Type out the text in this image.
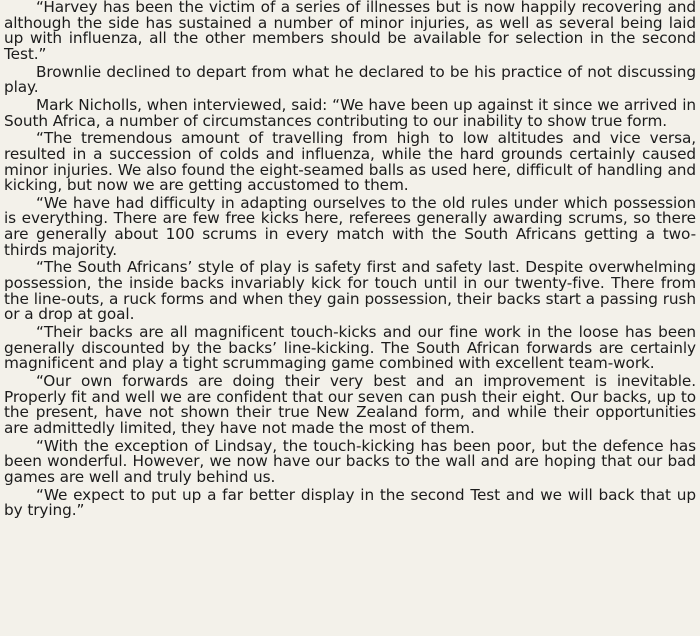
“Harvey has been the victim of a series of illnesses but is now happily recovering and although the side has sustained a number of minor injuries, as well as several being laid up with influenza, all the other members should be available for selection in the second Test.”

Brownlie declined to depart from what he declared to be his practice of not discussing play.

Mark Nicholls, when interviewed, said: “We have been up against it since we arrived in South Africa, a number of circumstances contributing to our inability to show true form.

“The tremendous amount of travelling from high to low altitudes and vice versa, resulted in a succession of colds and influenza, while the hard grounds certainly caused minor injuries. We also found the eight-seamed balls as used here, difficult of handling and kicking, but now we are getting accustomed to them.

“We have had difficulty in adapting ourselves to the old rules under which possession is everything. There are few free kicks here, referees generally awarding scrums, so there are generally about 100 scrums in every match with the South Africans getting a two-thirds majority.

“The South Africans’ style of play is safety first and safety last. Despite overwhelming possession, the inside backs invariably kick for touch until in our twenty-five. There from the line-outs, a ruck forms and when they gain possession, their backs start a passing rush or a drop at goal.

“Their backs are all magnificent touch-kicks and our fine work in the loose has been generally discounted by the backs’ line-kicking. The South African forwards are certainly magnificent and play a tight scrummaging game combined with excellent team-work.

“Our own forwards are doing their very best and an improvement is inevitable. Properly fit and well we are confident that our seven can push their eight. Our backs, up to the present, have not shown their true New Zealand form, and while their opportunities are admittedly limited, they have not made the most of them.

“With the exception of Lindsay, the touch-kicking has been poor, but the defence has been wonderful. However, we now have our backs to the wall and are hoping that our bad games are well and truly behind us.

“We expect to put up a far better display in the second Test and we will back that up by trying.”
